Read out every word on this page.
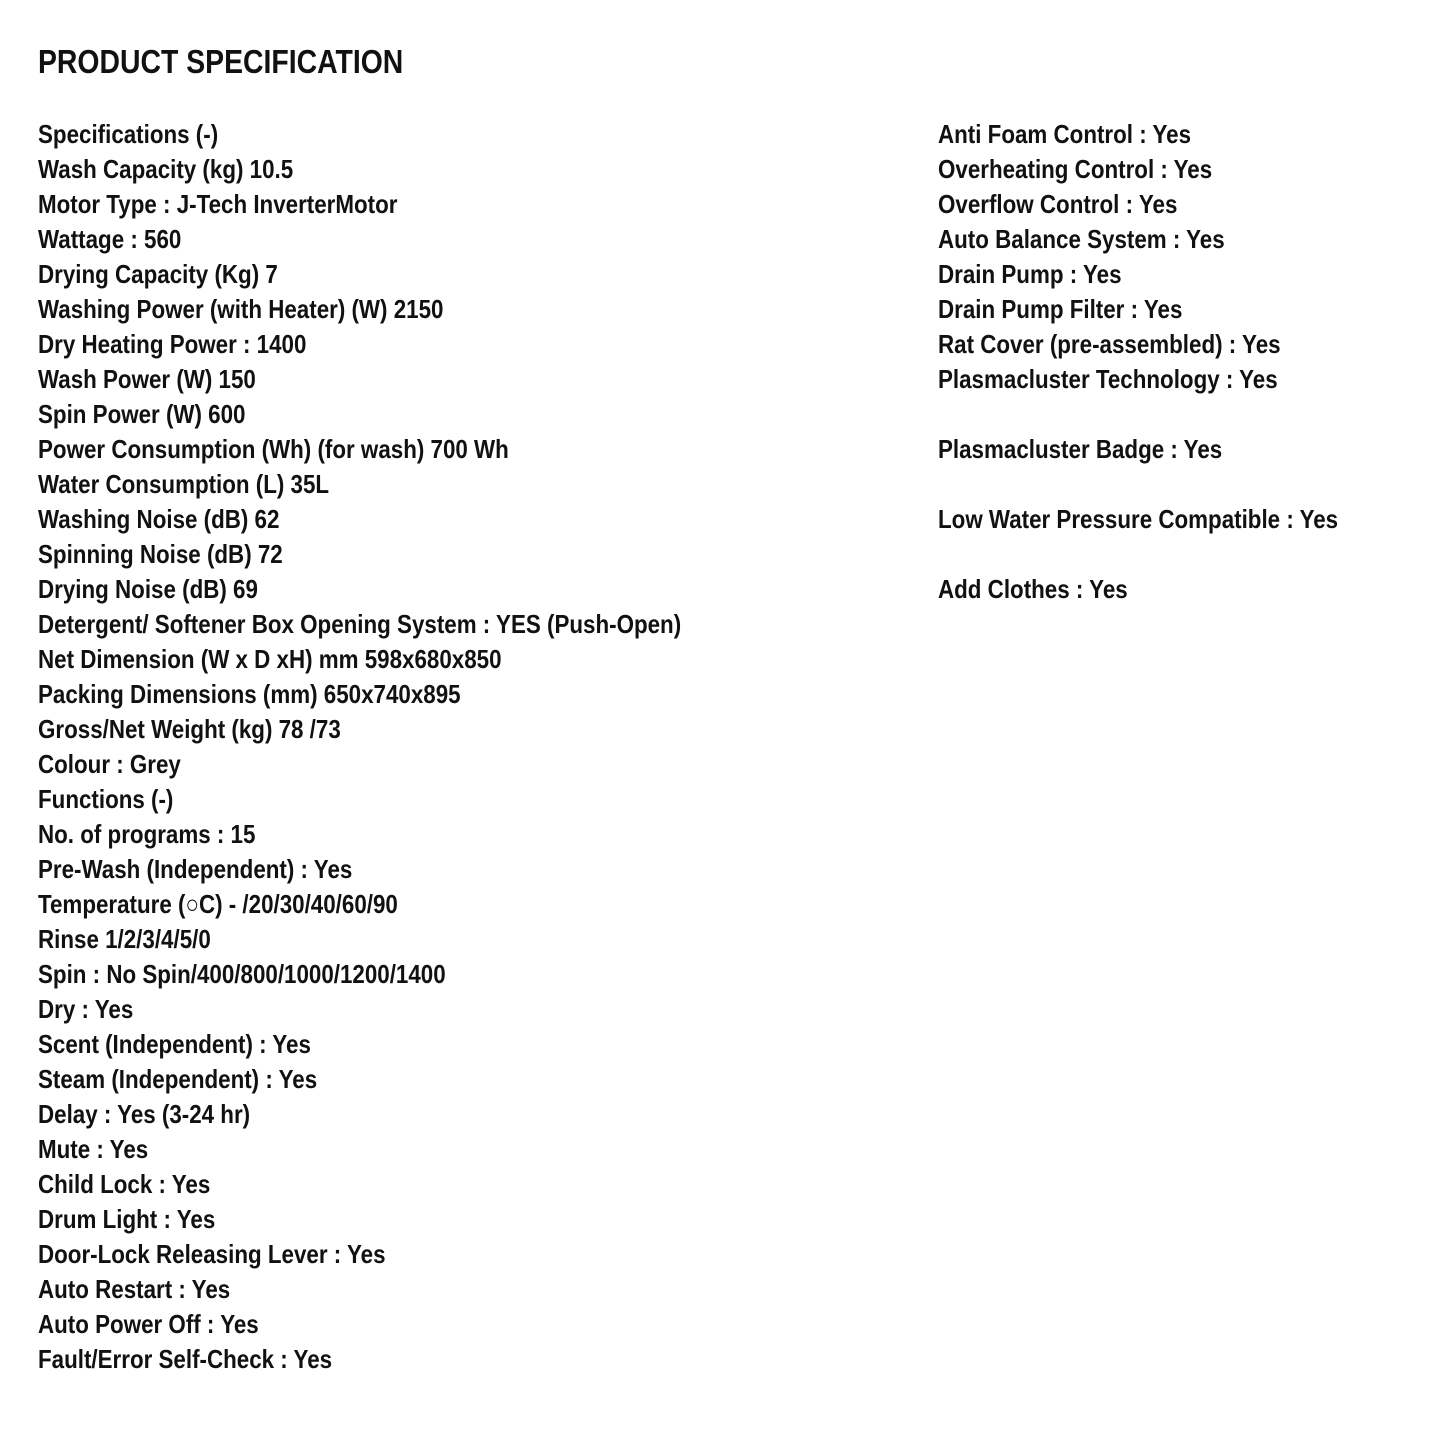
PRODUCT SPECIFICATION
Specifications (-)
Wash Capacity (kg) 10.5
Motor Type : J-Tech InverterMotor
Wattage : 560
Drying Capacity (Kg) 7
Washing Power (with Heater) (W) 2150
Dry Heating Power : 1400
Wash Power (W) 150
Spin Power (W) 600
Power Consumption (Wh) (for wash) 700 Wh
Water Consumption (L) 35L
Washing Noise (dB) 62
Spinning Noise (dB) 72
Drying Noise (dB) 69
Detergent/ Softener Box Opening System : YES (Push-Open)
Net Dimension (W x D xH) mm 598x680x850
Packing Dimensions (mm) 650x740x895
Gross/Net Weight (kg) 78 /73
Colour : Grey
Functions (-)
No. of programs : 15
Pre-Wash (Independent) : Yes
Temperature (○C) - /20/30/40/60/90
Rinse 1/2/3/4/5/0
Spin : No Spin/400/800/1000/1200/1400
Dry : Yes
Scent (Independent) : Yes
Steam (Independent) : Yes
Delay : Yes (3-24 hr)
Mute : Yes
Child Lock : Yes
Drum Light : Yes
Door-Lock Releasing Lever : Yes
Auto Restart : Yes
Auto Power Off : Yes
Fault/Error Self-Check : Yes
Anti Foam Control : Yes
Overheating Control : Yes
Overflow Control : Yes
Auto Balance System : Yes
Drain Pump : Yes
Drain Pump Filter : Yes
Rat Cover (pre-assembled) : Yes
Plasmacluster Technology : Yes
Plasmacluster Badge : Yes
Low Water Pressure Compatible : Yes
Add Clothes : Yes
